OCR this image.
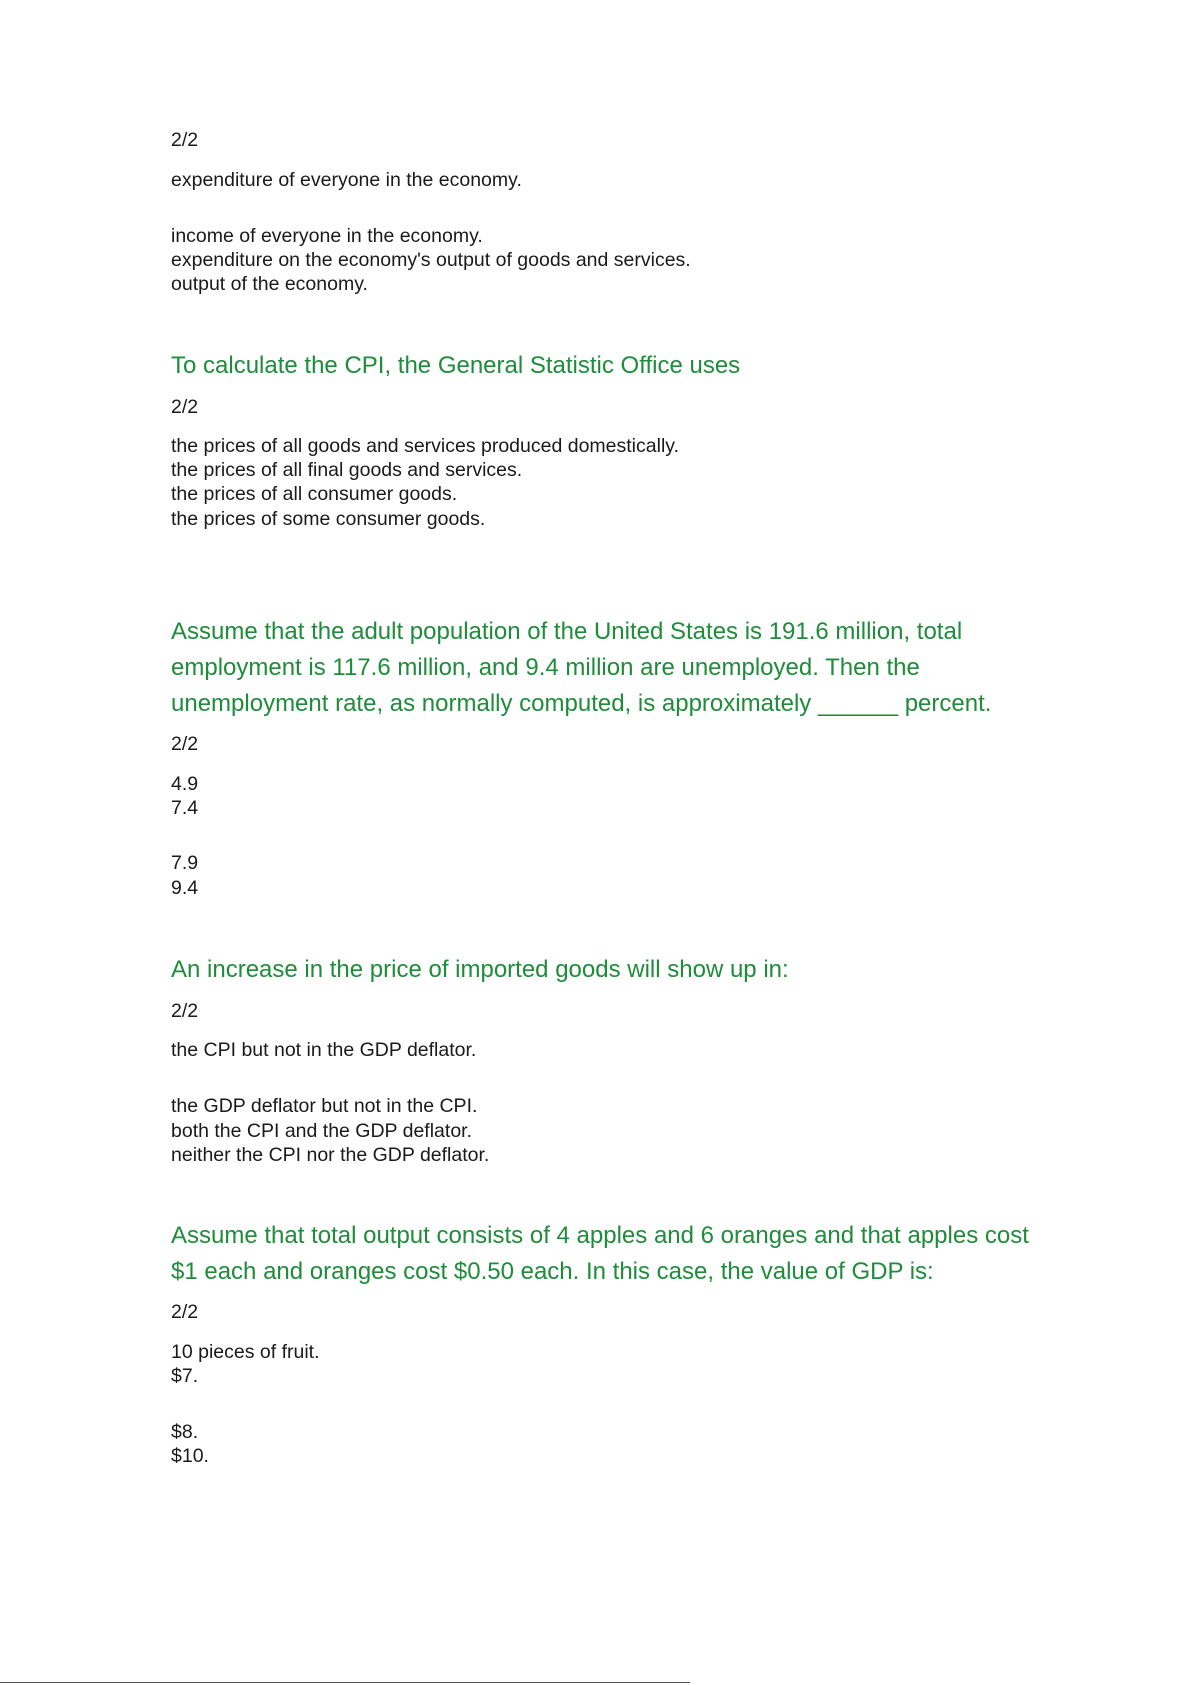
2/2
expenditure of everyone in the economy.
income of everyone in the economy.
expenditure on the economy's output of goods and services.
output of the economy.
To calculate the CPI, the General Statistic Office uses
2/2
the prices of all goods and services produced domestically.
the prices of all final goods and services.
the prices of all consumer goods.
the prices of some consumer goods.
Assume that the adult population of the United States is 191.6 million, total
employment is 117.6 million, and 9.4 million are unemployed. Then the
unemployment rate, as normally computed, is approximately ______ percent.
2/2
4.9
7.4
7.9
9.4
An increase in the price of imported goods will show up in:
2/2
the CPI but not in the GDP deflator.
the GDP deflator but not in the CPI.
both the CPI and the GDP deflator.
neither the CPI nor the GDP deflator.
Assume that total output consists of 4 apples and 6 oranges and that apples cost
$1 each and oranges cost $0.50 each. In this case, the value of GDP is:
2/2
10 pieces of fruit.
$7.
$8.
$10.
